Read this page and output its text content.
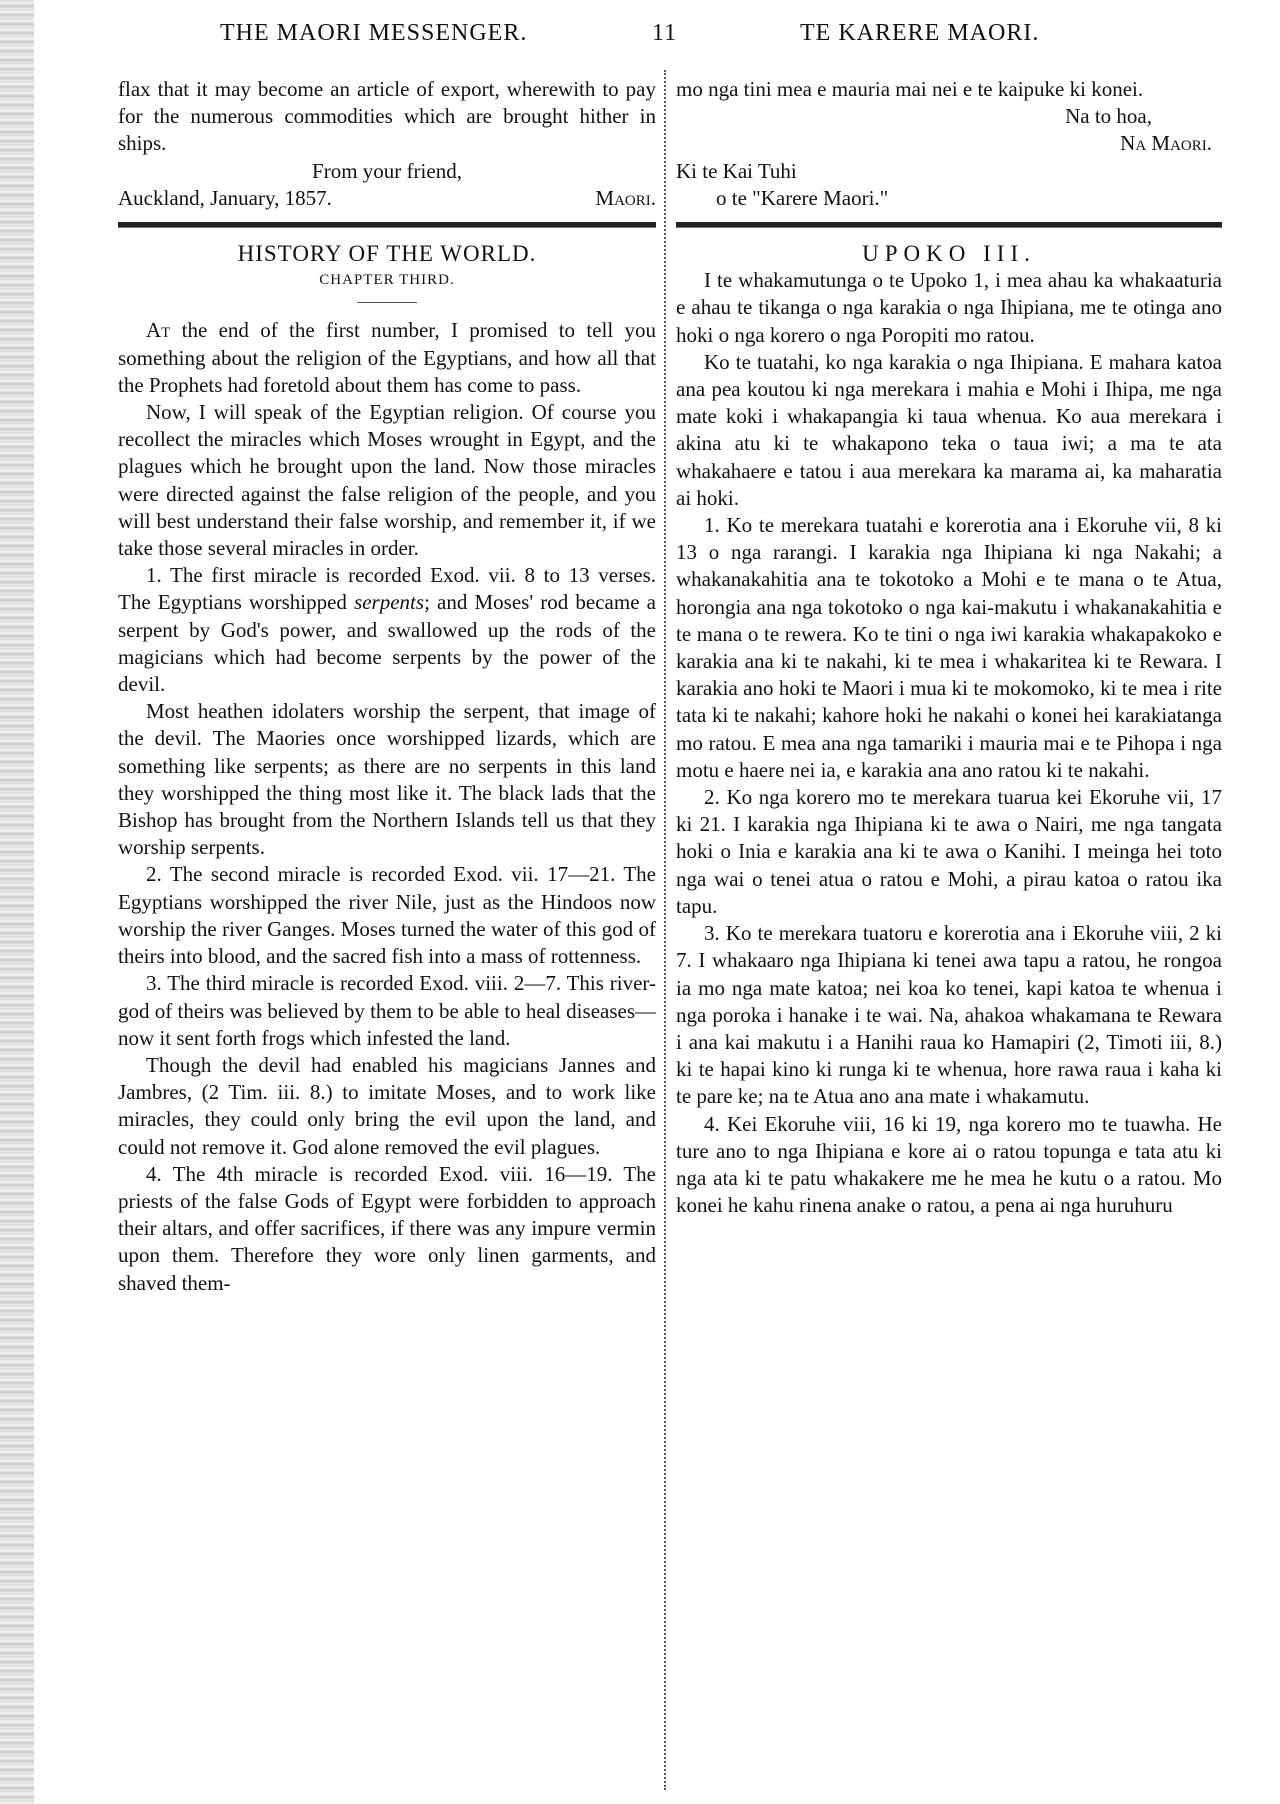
THE MAORI MESSENGER.	11	TE KARERE MAORI.

flax that it may become an article of export, wherewith to pay for the numerous commodities which are brought hither in ships.

From your friend,

Auckland, January, 1857.	Maori.

HISTORY OF THE WORLD.

CHAPTER THIRD.

At the end of the first number, I promised to tell you something about the religion of the Egyptians, and how all that the Prophets had foretold about them has come to pass.

Now, I will speak of the Egyptian religion. Of course you recollect the miracles which Moses wrought in Egypt, and the plagues which he brought upon the land. Now those miracles were directed against the false religion of the people, and you will best understand their false worship, and remember it, if we take those several miracles in order.

1. The first miracle is recorded Exod. vii. 8 to 13 verses. The Egyptians worshipped serpents; and Moses' rod became a serpent by God's power, and swallowed up the rods of the magicians which had become serpents by the power of the devil.

Most heathen idolaters worship the serpent, that image of the devil. The Maories once worshipped lizards, which are something like serpents; as there are no serpents in this land they worshipped the thing most like it. The black lads that the Bishop has brought from the Northern Islands tell us that they worship serpents.

2. The second miracle is recorded Exod. vii. 17—21. The Egyptians worshipped the river Nile, just as the Hindoos now worship the river Ganges. Moses turned the water of this god of theirs into blood, and the sacred fish into a mass of rottenness.

3. The third miracle is recorded Exod. viii. 2—7. This river-god of theirs was believed by them to be able to heal diseases—now it sent forth frogs which infested the land.

Though the devil had enabled his magicians Jannes and Jambres, (2 Tim. iii. 8.) to imitate Moses, and to work like miracles, they could only bring the evil upon the land, and could not remove it. God alone removed the evil plagues.

4. The 4th miracle is recorded Exod. viii. 16—19. The priests of the false Gods of Egypt were forbidden to approach their altars, and offer sacrifices, if there was any impure vermin upon them. Therefore they wore only linen garments, and shaved them-

mo nga tini mea e mauria mai nei e te kaipuke ki konei.

Na to hoa,

Na Maori.

Ki te Kai Tuhi

o te "Karere Maori."

UPOKO III.

I te whakamutunga o te Upoko 1, i mea ahau ka whakaaturia e ahau te tikanga o nga karakia o nga Ihipiana, me te otinga ano hoki o nga korero o nga Poropiti mo ratou.

Ko te tuatahi, ko nga karakia o nga Ihipiana. E mahara katoa ana pea koutou ki nga merekara i mahia e Mohi i Ihipa, me nga mate koki i whakapangia ki taua whenua. Ko aua merekara i akina atu ki te whakapono teka o taua iwi; a ma te ata whakahaere e tatou i aua merekara ka marama ai, ka maharatia ai hoki.

1. Ko te merekara tuatahi e korerotia ana i Ekoruhe vii, 8 ki 13 o nga rarangi. I karakia nga Ihipiana ki nga Nakahi; a whakanakahitia ana te tokotoko a Mohi e te mana o te Atua, horongia ana nga tokotoko o nga kai-makutu i whakanakahitia e te mana o te rewera. Ko te tini o nga iwi karakia whakapakoko e karakia ana ki te nakahi, ki te mea i whakaritea ki te Rewara. I karakia ano hoki te Maori i mua ki te mokomoko, ki te mea i rite tata ki te nakahi; kahore hoki he nakahi o konei hei karakiatanga mo ratou. E mea ana nga tamariki i mauria mai e te Pihopa i nga motu e haere nei ia, e karakia ana ano ratou ki te nakahi.

2. Ko nga korero mo te merekara tuarua kei Ekoruhe vii, 17 ki 21. I karakia nga Ihipiana ki te awa o Nairi, me nga tangata hoki o Inia e karakia ana ki te awa o Kanihi. I meinga hei toto nga wai o tenei atua o ratou e Mohi, a pirau katoa o ratou ika tapu.

3. Ko te merekara tuatoru e korerotia ana i Ekoruhe viii, 2 ki 7. I whakaaro nga Ihipiana ki tenei awa tapu a ratou, he rongoa ia mo nga mate katoa; nei koa ko tenei, kapi katoa te whenua i nga poroka i hanake i te wai. Na, ahakoa whakamana te Rewara i ana kai makutu i a Hanihi raua ko Hamapiri (2, Timoti iii, 8.) ki te hapai kino ki runga ki te whenua, hore rawa raua i kaha ki te pare ke; na te Atua ano ana mate i whakamutu.

4. Kei Ekoruhe viii, 16 ki 19, nga korero mo te tuawha. He ture ano to nga Ihipiana e kore ai o ratou topunga e tata atu ki nga ata ki te patu whakakere me he mea he kutu o a ratou. Mo konei he kahu rinena anake o ratou, a pena ai nga huruhuru
